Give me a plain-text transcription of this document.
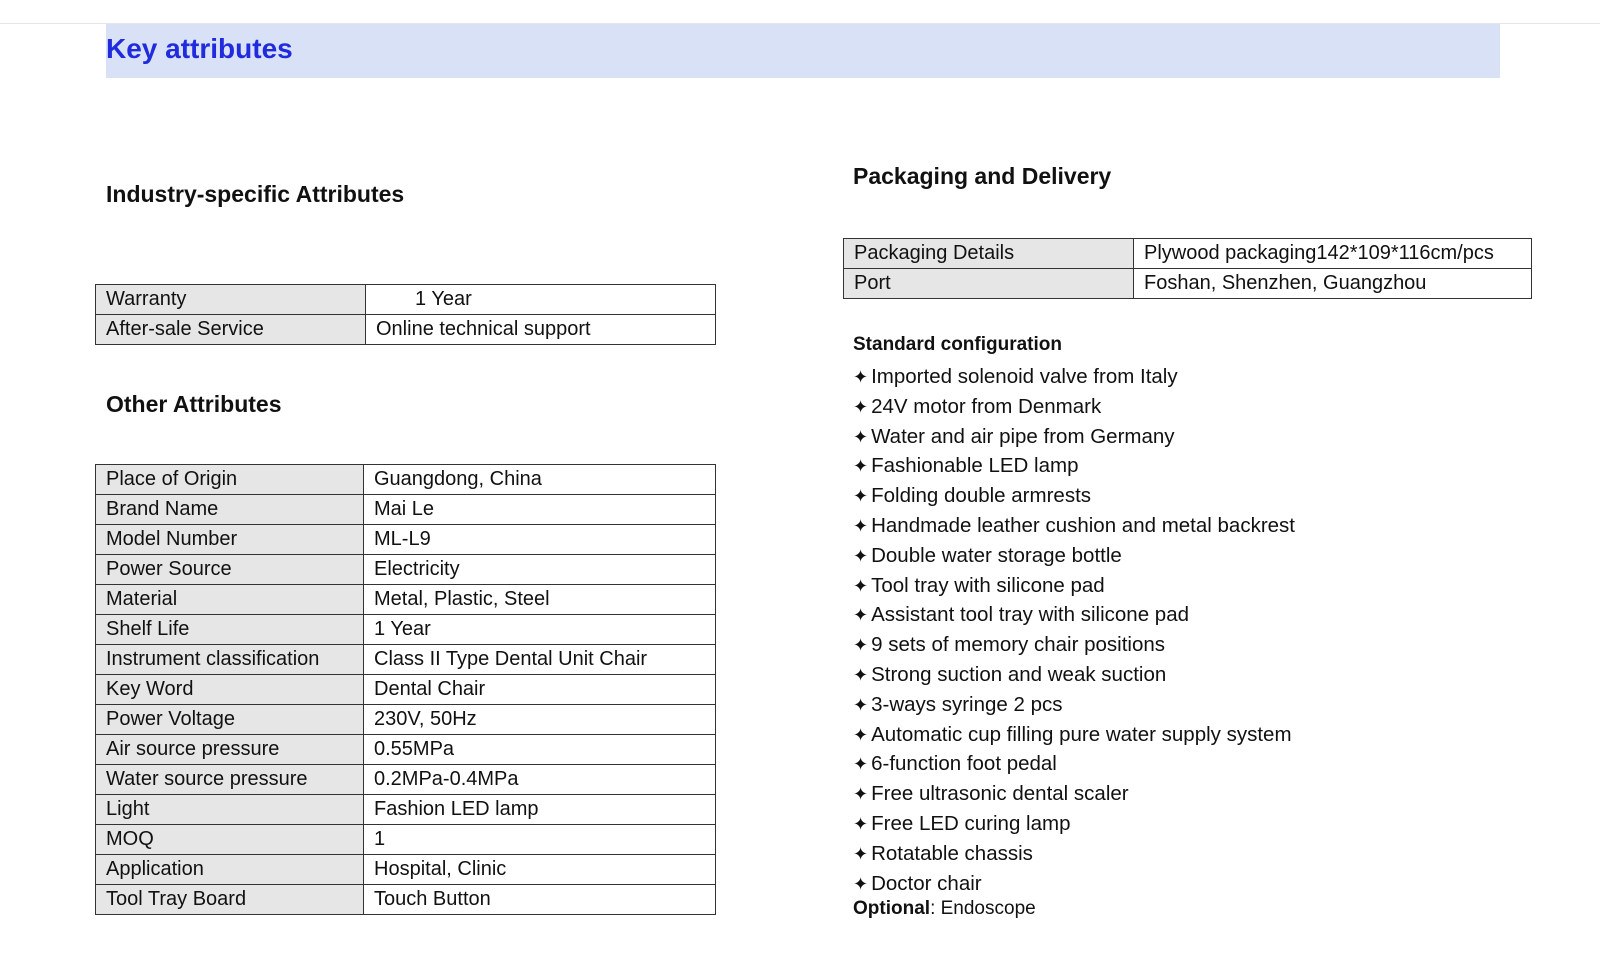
Key attributes
Industry-specific Attributes
Warranty	1 Year
After-sale Service	Online technical support
Other Attributes
Place of Origin	Guangdong, China
Brand Name	Mai Le
Model Number	ML-L9
Power Source	Electricity
Material	Metal, Plastic, Steel
Shelf Life	1 Year
Instrument classification	Class II Type Dental Unit Chair
Key Word	Dental Chair
Power Voltage	230V, 50Hz
Air source pressure	0.55MPa
Water source pressure	0.2MPa-0.4MPa
Light	Fashion LED lamp
MOQ	1
Application	Hospital, Clinic
Tool Tray Board	Touch Button
Packaging and Delivery
Packaging Details	Plywood packaging142*109*116cm/pcs
Port	Foshan, Shenzhen, Guangzhou
Standard configuration
✦ Imported solenoid valve from Italy
✦ 24V motor from Denmark
✦ Water and air pipe from Germany
✦ Fashionable LED lamp
✦ Folding double armrests
✦ Handmade leather cushion and metal backrest
✦ Double water storage bottle
✦ Tool tray with silicone pad
✦ Assistant tool tray with silicone pad
✦ 9 sets of memory chair positions
✦ Strong suction and weak suction
✦ 3-ways syringe 2 pcs
✦ Automatic cup filling pure water supply system
✦ 6-function foot pedal
✦ Free ultrasonic dental scaler
✦ Free LED curing lamp
✦ Rotatable chassis
✦ Doctor chair

Optional: Endoscope
